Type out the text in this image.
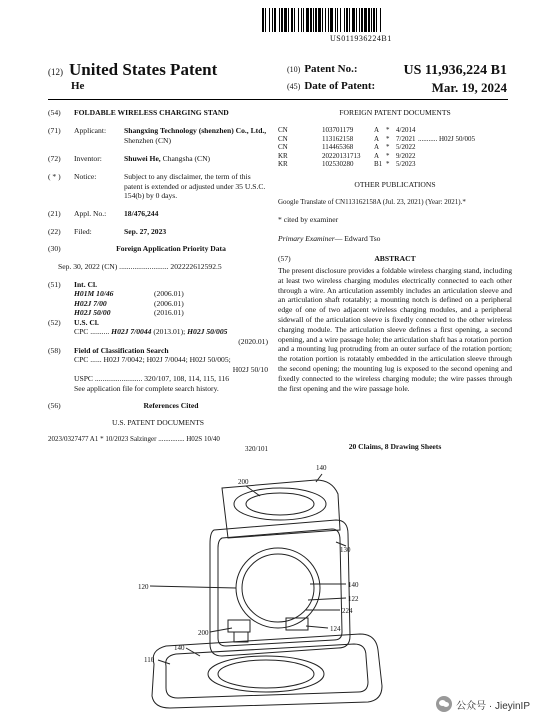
US011936224B1
(12) United States Patent
He
(10) Patent No.:	US 11,936,224 B1
(45) Date of Patent:	Mar. 19, 2024
(54) FOLDABLE WIRELESS CHARGING STAND
(71) Applicant: Shangxing Technology (shenzhen) Co., Ltd., Shenzhen (CN)
(72) Inventor:	Shuwei He, Changsha (CN)
( * ) Notice:	Subject to any disclaimer, the term of this patent is extended or adjusted under 35 U.S.C. 154(b) by 0 days.
(21) Appl. No.: 18/476,244
(22) Filed:	Sep. 27, 2023
(30)	Foreign Application Priority Data
Sep. 30, 2022 (CN) .......................... 202222612592.5
(51) Int. Cl.
H01M 10/46	(2006.01)
H02J 7/00	(2006.01)
H02J 50/00	(2016.01)
(52) U.S. Cl.
CPC .......... H02J 7/0044 (2013.01); H02J 50/005
(2020.01)
(58) Field of Classification Search
CPC ...... H02J 7/0042; H02J 7/0044; H02J 50/005;
H02J 50/10
USPC ......................... 320/107, 108, 114, 115, 116
See application file for complete search history.
(56)	References Cited
U.S. PATENT DOCUMENTS
2023/0327477 A1 * 10/2023 Salzinger ............... H02S 10/40
320/101
FOREIGN PATENT DOCUMENTS
CN	103701179	A * 4/2014
CN	113162158	A * 7/2021 ........... H02J 50/005
CN	114465368	A * 5/2022
KR	20220131713 A * 9/2022
KR	102530280	B1 * 5/2023
OTHER PUBLICATIONS
Google Translate of CN113162158A (Jul. 23, 2021) (Year: 2021).*
* cited by examiner
Primary Examiner — Edward Tso
(57)	ABSTRACT
The present disclosure provides a foldable wireless charging stand, including at least two wireless charging modules electrically connected to each other through a wire. An articulation assembly includes an articulation sleeve and an articulation shaft rotatably; a mounting notch is defined on a peripheral edge of one of two adjacent wireless charging modules, and a peripheral sidewall of the articulation sleeve is fixedly connected to the other wireless charging module. The articulation sleeve defines a first opening, a second opening, and a wire passage hole; the articulation shaft has a rotation portion and a mounting lug protruding from an outer surface of the rotation portion; the rotation portion is rotatably embedded in the articulation sleeve through the second opening; the mounting lug is exposed to the second opening and fixedly connected to the wireless charging module; the wire passes through the first opening and the wire passage hole.
20 Claims, 8 Drawing Sheets
140
200
130
120	140
122
224
124
200
140
110
公众号 · JieyinIP
